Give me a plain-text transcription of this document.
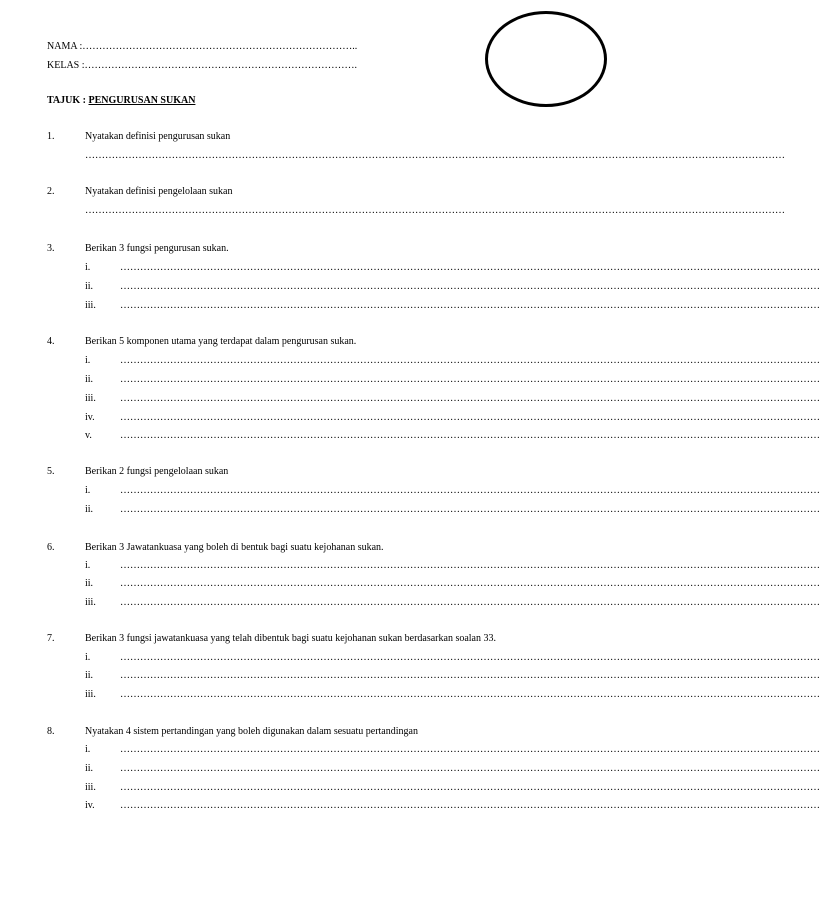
NAMA :………………………………………………………………………..
KELAS :……………………………………………………………………….
TAJUK : PENGURUSAN SUKAN
1.	Nyatakan definisi pengurusan sukan
…………………………………………………………………………………………………………………………………………………………………………………………
2.	Nyatakan definisi pengelolaan sukan
…………………………………………………………………………………………………………………………………………………………………………………………
3.	Berikan 3 fungsi pengurusan sukan.
i.	…………………………………………………………………………………………………………………………………………………………………………………………
ii.	…………………………………………………………………………………………………………………………………………………………………………………………
iii. …………………………………………………………………………………………………………………………………………………………………………………………
4.	Berikan 5 komponen utama yang terdapat dalam pengurusan sukan.
i.	…………………………………………………………………………………………………………………………………………………………………………………………
ii.	…………………………………………………………………………………………………………………………………………………………………………………………
iii. …………………………………………………………………………………………………………………………………………………………………………………………
iv.	…………………………………………………………………………………………………………………………………………………………………………………………
v.	…………………………………………………………………………………………………………………………………………………………………………………………
5.	Berikan 2 fungsi pengelolaan sukan
i.	…………………………………………………………………………………………………………………………………………………………………………………………
ii.	…………………………………………………………………………………………………………………………………………………………………………………………
6.	Berikan 3 Jawatankuasa yang boleh di bentuk bagi suatu kejohanan sukan.
i.	…………………………………………………………………………………………………………………………………………………………………………………………
ii.	…………………………………………………………………………………………………………………………………………………………………………………………
iii. …………………………………………………………………………………………………………………………………………………………………………………………
7.	Berikan 3 fungsi jawatankuasa yang telah dibentuk bagi suatu kejohanan sukan berdasarkan soalan 33.
i.	…………………………………………………………………………………………………………………………………………………………………………………………
ii.	…………………………………………………………………………………………………………………………………………………………………………………………
iii. …………………………………………………………………………………………………………………………………………………………………………………………
8.	Nyatakan 4 sistem pertandingan yang boleh digunakan dalam sesuatu pertandingan
i.	…………………………………………………………………………………………………………………………………………………………………………………………
ii.	…………………………………………………………………………………………………………………………………………………………………………………………
iii. …………………………………………………………………………………………………………………………………………………………………………………………
iv.	…………………………………………………………………………………………………………………………………………………………………………………………
